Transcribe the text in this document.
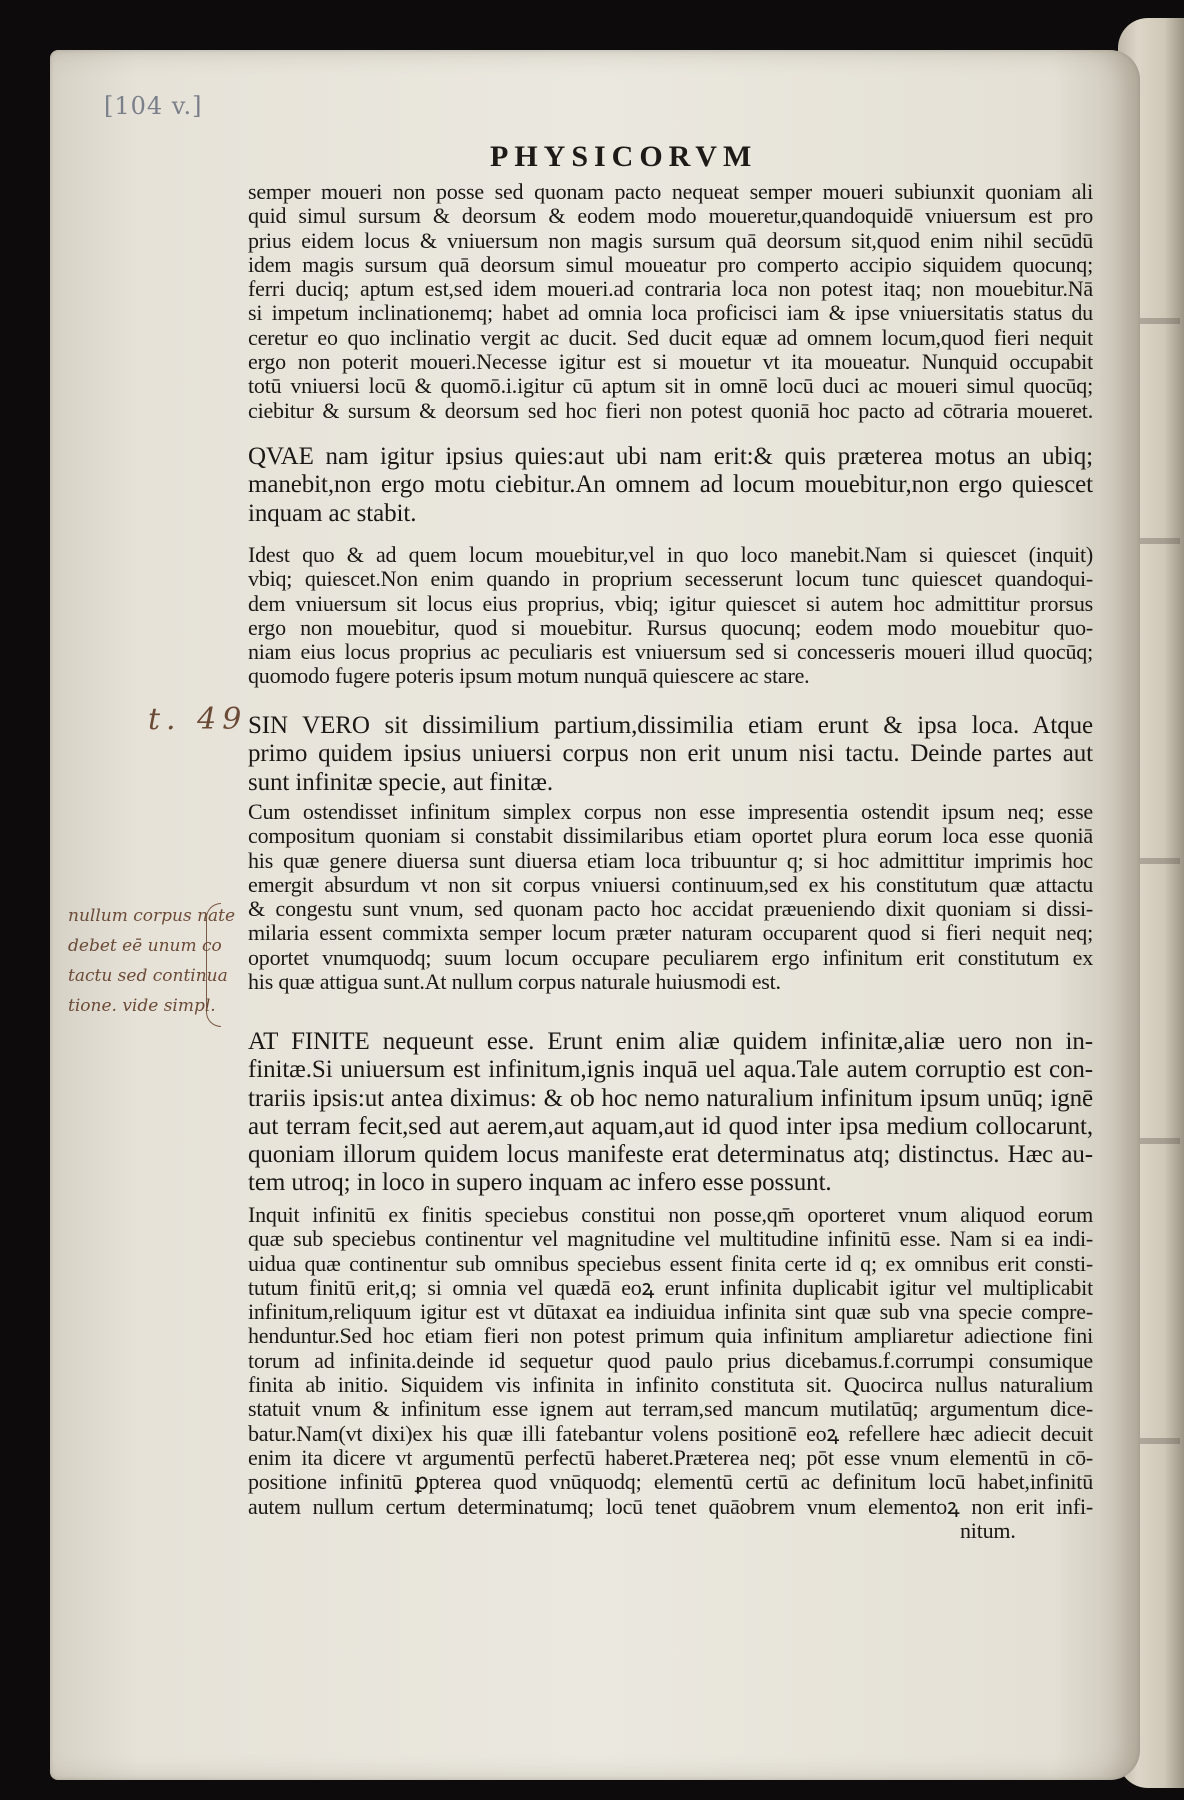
[104 v.]
PHYSICORVM
semper moueri non posse sed quonam pacto nequeat semper moueri subiunxit quoniam ali
quid simul sursum & deorsum & eodem modo moueretur,quandoquidē vniuersum est pro
prius eidem locus & vniuersum non magis sursum quā deorsum sit,quod enim nihil secūdū
idem magis sursum quā deorsum simul moueatur pro comperto accipio siquidem quocunq;
ferri duciq; aptum est,sed idem moueri.ad contraria loca non potest itaq; non mouebitur.Nā
si impetum inclinationemq; habet ad omnia loca proficisci iam & ipse vniuersitatis status du
ceretur eo quo inclinatio vergit ac ducit. Sed ducit equæ ad omnem locum,quod fieri nequit
ergo non poterit moueri.Necesse igitur est si mouetur vt ita moueatur. Nunquid occupabit
totū vniuersi locū & quomō.i.igitur cū aptum sit in omnē locū duci ac moueri simul quocūq;
ciebitur & sursum & deorsum sed hoc fieri non potest quoniā hoc pacto ad cōtraria moueret.
QVAE nam igitur ipsius quies:aut ubi nam erit:& quis præterea motus an ubiq;
manebit,non ergo motu ciebitur.An omnem ad locum mouebitur,non ergo quiescet
inquam ac stabit.
Idest quo & ad quem locum mouebitur,vel in quo loco manebit.Nam si quiescet (inquit)
vbiq; quiescet.Non enim quando in proprium secesserunt locum tunc quiescet quandoqui-
dem vniuersum sit locus eius proprius, vbiq; igitur quiescet si autem hoc admittitur prorsus
ergo non mouebitur, quod si mouebitur. Rursus quocunq; eodem modo mouebitur quo-
niam eius locus proprius ac peculiaris est vniuersum sed si concesseris moueri illud quocūq;
quomodo fugere poteris ipsum motum nunquā quiescere ac stare.
SIN VERO sit dissimilium partium,dissimilia etiam erunt & ipsa loca. Atque
primo quidem ipsius uniuersi corpus non erit unum nisi tactu. Deinde partes aut
sunt infinitæ specie, aut finitæ.
Cum ostendisset infinitum simplex corpus non esse impresentia ostendit ipsum neq; esse
compositum quoniam si constabit dissimilaribus etiam oportet plura eorum loca esse quoniā
his quæ genere diuersa sunt diuersa etiam loca tribuuntur q; si hoc admittitur imprimis hoc
emergit absurdum vt non sit corpus vniuersi continuum,sed ex his constitutum quæ attactu
& congestu sunt vnum, sed quonam pacto hoc accidat præueniendo dixit quoniam si dissi-
milaria essent commixta semper locum præter naturam occuparent quod si fieri nequit neq;
oportet vnumquodq; suum locum occupare peculiarem ergo infinitum erit constitutum ex
his quæ attigua sunt.At nullum corpus naturale huiusmodi est.
AT FINITE nequeunt esse. Erunt enim aliæ quidem infinitæ,aliæ uero non in-
finitæ.Si uniuersum est infinitum,ignis inquā uel aqua.Tale autem corruptio est con-
trariis ipsis:ut antea diximus: & ob hoc nemo naturalium infinitum ipsum unūq; ignē
aut terram fecit,sed aut aerem,aut aquam,aut id quod inter ipsa medium collocarunt,
quoniam illorum quidem locus manifeste erat determinatus atq; distinctus. Hæc au-
tem utroq; in loco in supero inquam ac infero esse possunt.
Inquit infinitū ex finitis speciebus constitui non posse,qm̄ oporteret vnum aliquod eorum
quæ sub speciebus continentur vel magnitudine vel multitudine infinitū esse. Nam si ea indi-
uidua quæ continentur sub omnibus speciebus essent finita certe id q; ex omnibus erit consti-
tutum finitū erit,q; si omnia vel quædā eoꝝ erunt infinita duplicabit igitur vel multiplicabit
infinitum,reliquum igitur est vt dūtaxat ea indiuidua infinita sint quæ sub vna specie compre-
henduntur.Sed hoc etiam fieri non potest primum quia infinitum ampliaretur adiectione fini
torum ad infinita.deinde id sequetur quod paulo prius dicebamus.f.corrumpi consumique
finita ab initio. Siquidem vis infinita in infinito constituta sit. Quocirca nullus naturalium
statuit vnum & infinitum esse ignem aut terram,sed mancum mutilatūq; argumentum dice-
batur.Nam(vt dixi)ex his quæ illi fatebantur volens positionē eoꝝ refellere hæc adiecit decuit
enim ita dicere vt argumentū perfectū haberet.Præterea neq; pōt esse vnum elementū in cō-
positione infinitū ꝑpterea quod vnūquodq; elementū certū ac definitum locū habet,infinitū
autem nullum certum determinatumq; locū tenet quāobrem vnum elementoꝝ non erit infi-
nitum.
t. 49
nullum corpus nate
debet eē unum co
tactu sed continua
tione. vide simpl.
